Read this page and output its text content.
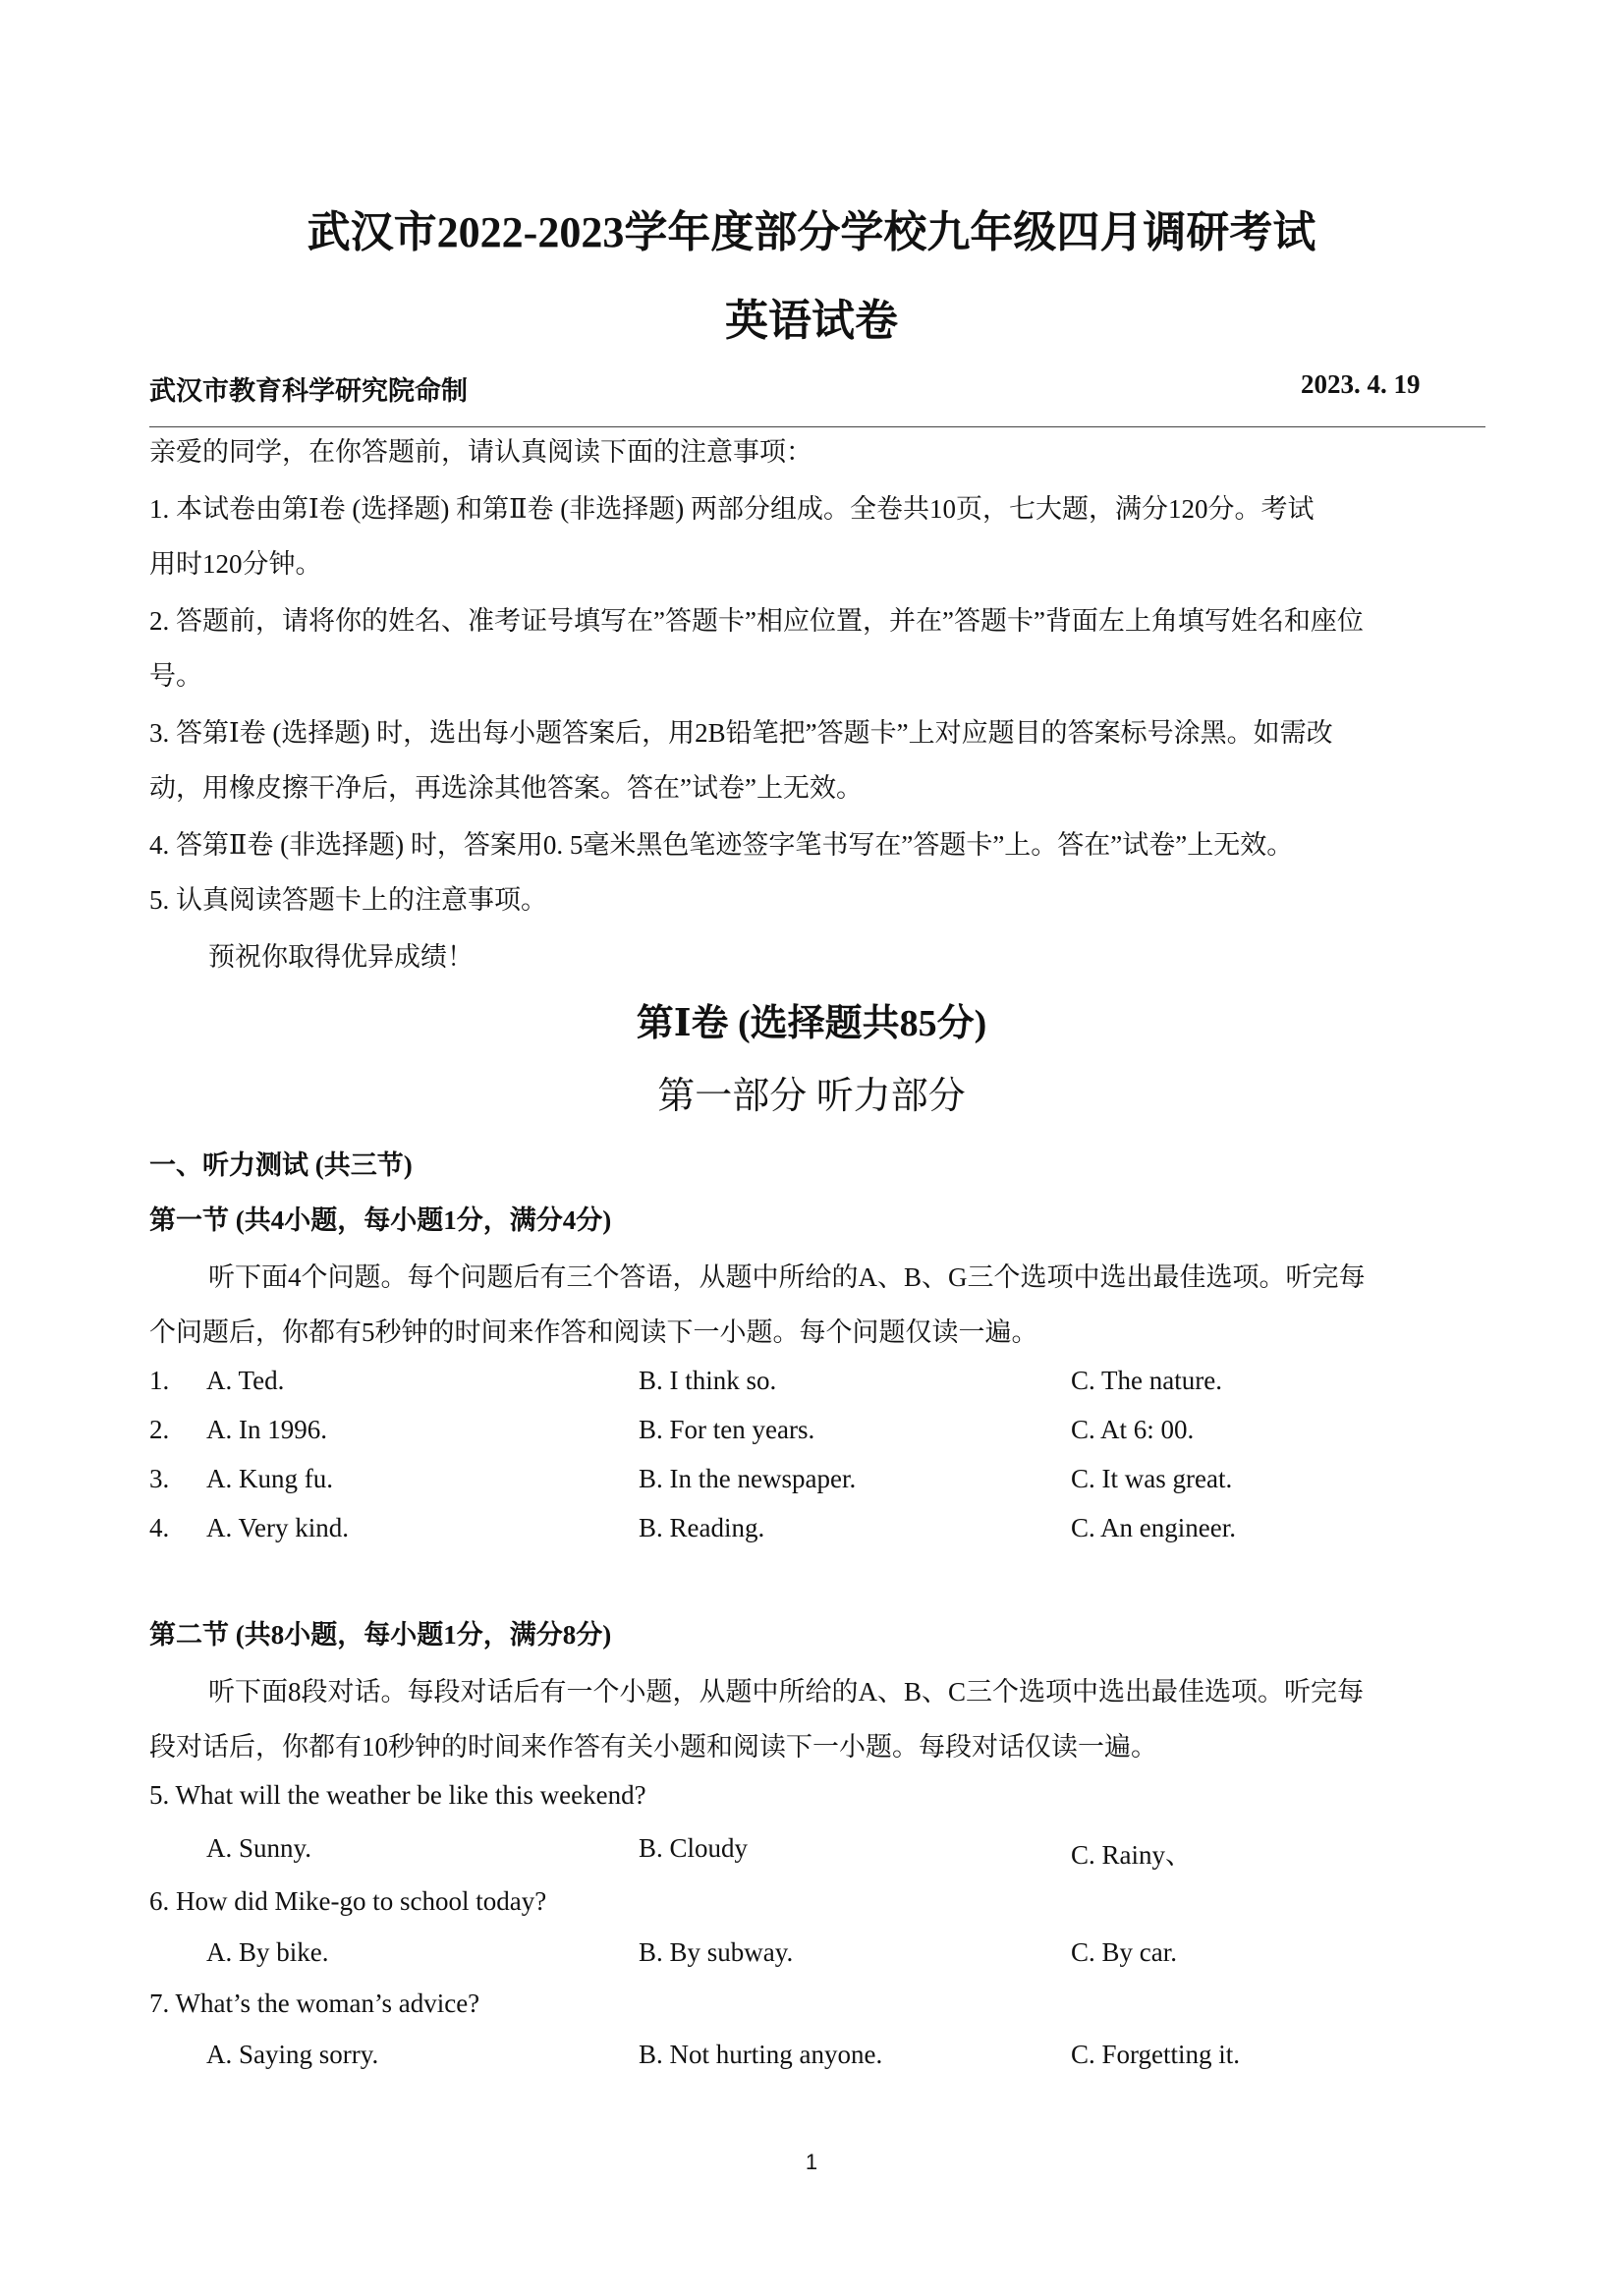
武汉市2022-2023学年度部分学校九年级四月调研考试
英语试卷
武汉市教育科学研究院命制	2023. 4. 19
亲爱的同学，在你答题前，请认真阅读下面的注意事项：
1. 本试卷由第Ⅰ卷 (选择题) 和第Ⅱ卷 (非选择题) 两部分组成。全卷共10页，七大题，满分120分。考试
用时120分钟。
2. 答题前，请将你的姓名、准考证号填写在”答题卡”相应位置，并在”答题卡”背面左上角填写姓名和座位
号。
3. 答第Ⅰ卷 (选择题) 时，选出每小题答案后，用2B铅笔把”答题卡”上对应题目的答案标号涂黑。如需改
动，用橡皮擦干净后，再选涂其他答案。答在”试卷”上无效。
4. 答第Ⅱ卷 (非选择题) 时，答案用0. 5毫米黑色笔迹签字笔书写在”答题卡”上。答在”试卷”上无效。
5. 认真阅读答题卡上的注意事项。
预祝你取得优异成绩！
第Ⅰ卷 (选择题共85分)
第一部分 听力部分
一、听力测试 (共三节)
第一节 (共4小题，每小题1分，满分4分)
听下面4个问题。每个问题后有三个答语，从题中所给的A、B、G三个选项中选出最佳选项。听完每
个问题后，你都有5秒钟的时间来作答和阅读下一小题。每个问题仅读一遍。
1. A. Ted.	B. I think so.	C. The nature.
2. A. In 1996.	B. For ten years.	C. At 6: 00.
3. A. Kung fu.	B. In the newspaper.	C. It was great.
4. A. Very kind.	B. Reading.	C. An engineer.
第二节 (共8小题，每小题1分，满分8分)
听下面8段对话。每段对话后有一个小题，从题中所给的A、B、C三个选项中选出最佳选项。听完每
段对话后，你都有10秒钟的时间来作答有关小题和阅读下一小题。每段对话仅读一遍。
5. What will the weather be like this weekend?
A. Sunny.	B. Cloudy	C. Rainy、
6. How did Mike-go to school today?
A. By bike.	B. By subway.	C. By car.
7. What’s the woman’s advice?
A. Saying sorry.	B. Not hurting anyone.	C. Forgetting it.
1
